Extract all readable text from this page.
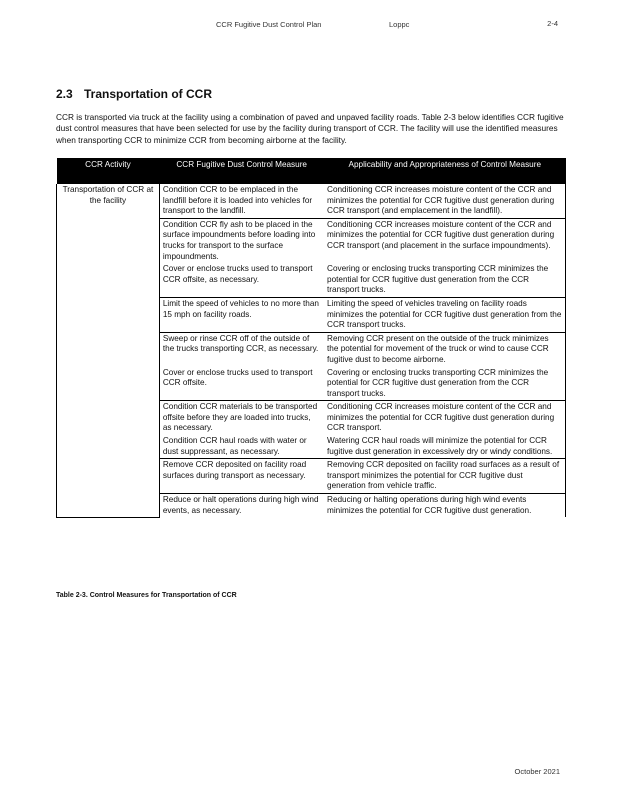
CCR Fugitive Dust Control Plan	Loppc	2-4
2.3 Transportation of CCR
CCR is transported via truck at the facility using a combination of paved and unpaved facility roads. Table 2-3 below identifies CCR fugitive dust control measures that have been selected for use by the facility during transport of CCR. The facility will use the identified measures when transporting CCR to minimize CCR from becoming airborne at the facility.
CCR Activity	CCR Fugitive Dust Control Measure	Applicability and Appropriateness of Control Measure
Transportation of CCR at the facility	Condition CCR to be emplaced in the landfill before it is loaded into vehicles for transport to the landfill.	Conditioning CCR increases moisture content of the CCR and minimizes the potential for CCR fugitive dust generation during CCR transport (and emplacement in the landfill).
	Condition CCR fly ash to be placed in the surface impoundments before loading into trucks for transport to the surface impoundments.	Conditioning CCR increases moisture content of the CCR and minimizes the potential for CCR fugitive dust generation during CCR transport (and placement in the surface impoundments).
	Cover or enclose trucks used to transport CCR offsite, as necessary.	Covering or enclosing trucks transporting CCR minimizes the potential for CCR fugitive dust generation from the CCR transport trucks.
	Limit the speed of vehicles to no more than 15 mph on facility roads.	Limiting the speed of vehicles traveling on facility roads minimizes the potential for CCR fugitive dust generation from the CCR transport trucks.
	Sweep or rinse CCR off of the outside of the trucks transporting CCR, as necessary.	Removing CCR present on the outside of the truck minimizes the potential for movement of the truck or wind to cause CCR fugitive dust to become airborne.
	Cover or enclose trucks used to transport CCR offsite.	Covering or enclosing trucks transporting CCR minimizes the potential for CCR fugitive dust generation from the CCR transport trucks.
	Condition CCR materials to be transported offsite before they are loaded into trucks, as necessary.	Conditioning CCR increases moisture content of the CCR and minimizes the potential for CCR fugitive dust generation during CCR transport.
	Condition CCR haul roads with water or dust suppressant, as necessary.	Watering CCR haul roads will minimize the potential for CCR fugitive dust generation in excessively dry or windy conditions.
	Remove CCR deposited on facility road surfaces during transport as necessary.	Removing CCR deposited on facility road surfaces as a result of transport minimizes the potential for CCR fugitive dust generation from vehicle traffic.
	Reduce or halt operations during high wind events, as necessary.	Reducing or halting operations during high wind events minimizes the potential for CCR fugitive dust generation.
Table 2-3. Control Measures for Transportation of CCR
October 2021
